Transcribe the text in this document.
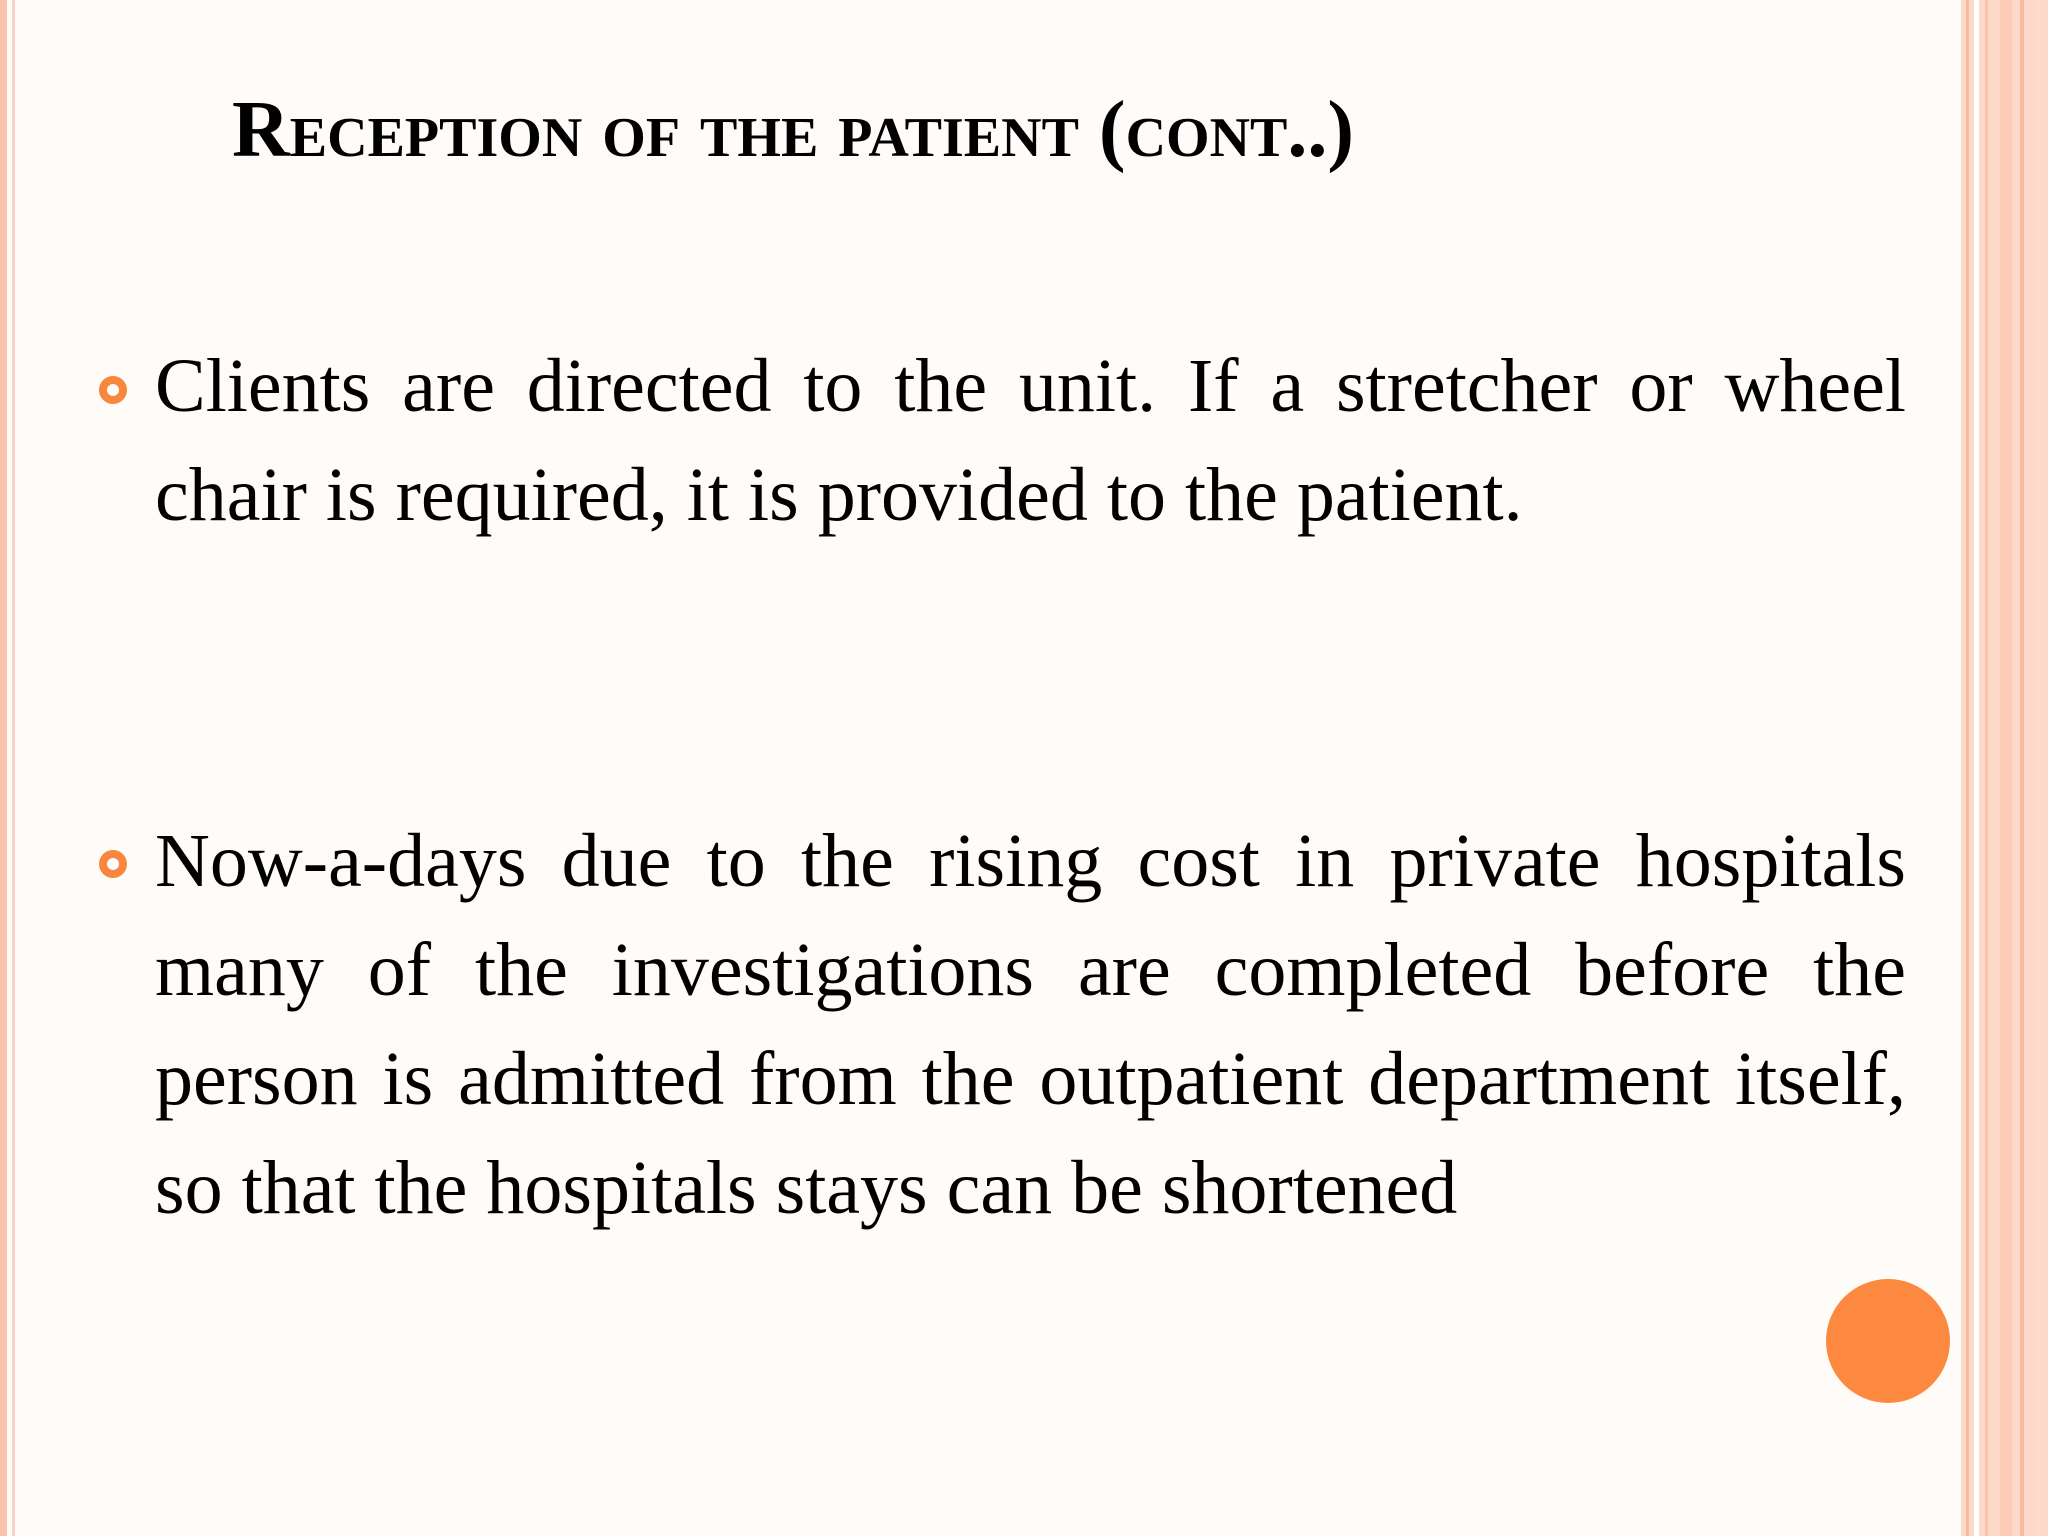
Reception of the patient (cont..)

Clients are directed to the unit. If a stretcher or wheel chair is required, it is provided to the patient.

Now-a-days due to the rising cost in private hospitals many of the investigations are completed before the person is admitted from the outpatient department itself, so that the hospitals stays can be shortened
